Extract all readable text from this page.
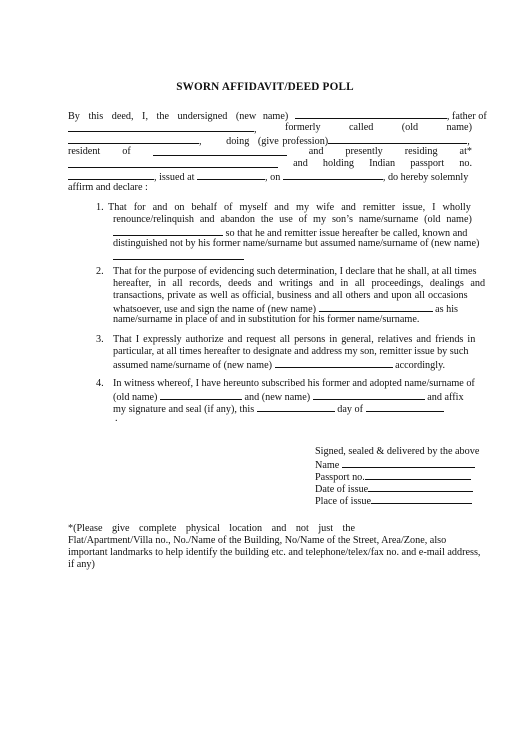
SWORN AFFIDAVIT/DEED POLL
By this deed, I, the undersigned (new name)	, father of
,	formerly	called	(old	name)
, doing (give profession)	,
resident of	and presently residing at*
and holding Indian passport no.
, issued at	, on	, do hereby solemnly
affirm and declare :
1. That for and on behalf of myself and my wife and remitter issue, I wholly
renounce/relinquish and abandon the use of my son’s name/surname (old name)
so that he and remitter issue hereafter be called, known and
distinguished not by his former name/surname but assumed name/surname of (new name)
2. That for the purpose of evidencing such determination, I declare that he shall, at all times
hereafter, in all records, deeds and writings and in all proceedings, dealings and
transactions, private as well as official, business and all others and upon all occasions
whatsoever, use and sign the name of (new name)	as his
name/surname in place of and in substitution for his former name/surname.
3. That I expressly authorize and request all persons in general, relatives and friends in
particular, at all times hereafter to designate and address my son, remitter issue by such
assumed name/surname of (new name)	accordingly.
4. In witness whereof, I have hereunto subscribed his former and adopted name/surname of
(old name)	and (new name)	and affix
my signature and seal (if any), this	day of
.
Signed, sealed & delivered by the above
Name
Passport no.
Date of issue
Place of issue
*(Please give complete physical location and not just the
Flat/Apartment/Villa no., No./Name of the Building, No/Name of the Street, Area/Zone, also
important landmarks to help identify the building etc. and telephone/telex/fax no. and e-mail address,
if any)
